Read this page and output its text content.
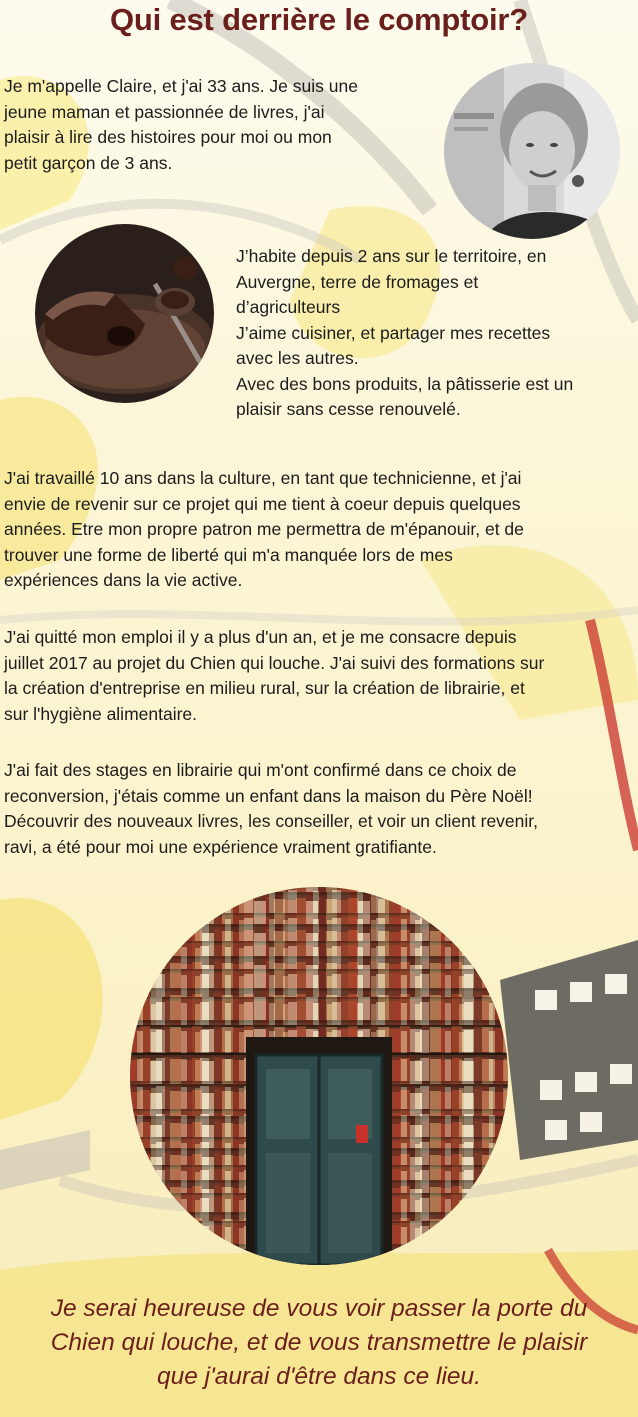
Qui est derrière le comptoir?

Je m'appelle Claire, et j'ai 33 ans. Je suis une
jeune maman et passionnée de livres, j'ai
plaisir à lire des histoires pour moi ou mon
petit garçon de 3 ans.

J’habite depuis 2 ans sur le territoire, en
Auvergne, terre de fromages et
d’agriculteurs
J’aime cuisiner, et partager mes recettes
avec les autres.
Avec des bons produits, la pâtisserie est un
plaisir sans cesse renouvelé.

J'ai travaillé 10 ans dans la culture, en tant que technicienne, et j'ai
envie de revenir sur ce projet qui me tient à coeur depuis quelques
années. Etre mon propre patron me permettra de m'épanouir, et de
trouver une forme de liberté qui m'a manquée lors de mes
expériences dans la vie active.

J'ai quitté mon emploi il y a plus d'un an, et je me consacre depuis
juillet 2017 au projet du Chien qui louche. J'ai suivi des formations sur
la création d'entreprise en milieu rural, sur la création de librairie, et
sur l'hygiène alimentaire.

J'ai fait des stages en librairie qui m'ont confirmé dans ce choix de
reconversion, j'étais comme un enfant dans la maison du Père Noël!
Découvrir des nouveaux livres, les conseiller, et voir un client revenir,
ravi, a été pour moi une expérience vraiment gratifiante.

Je serai heureuse de vous voir passer la porte du
Chien qui louche, et de vous transmettre le plaisir
que j'aurai d'être dans ce lieu.
